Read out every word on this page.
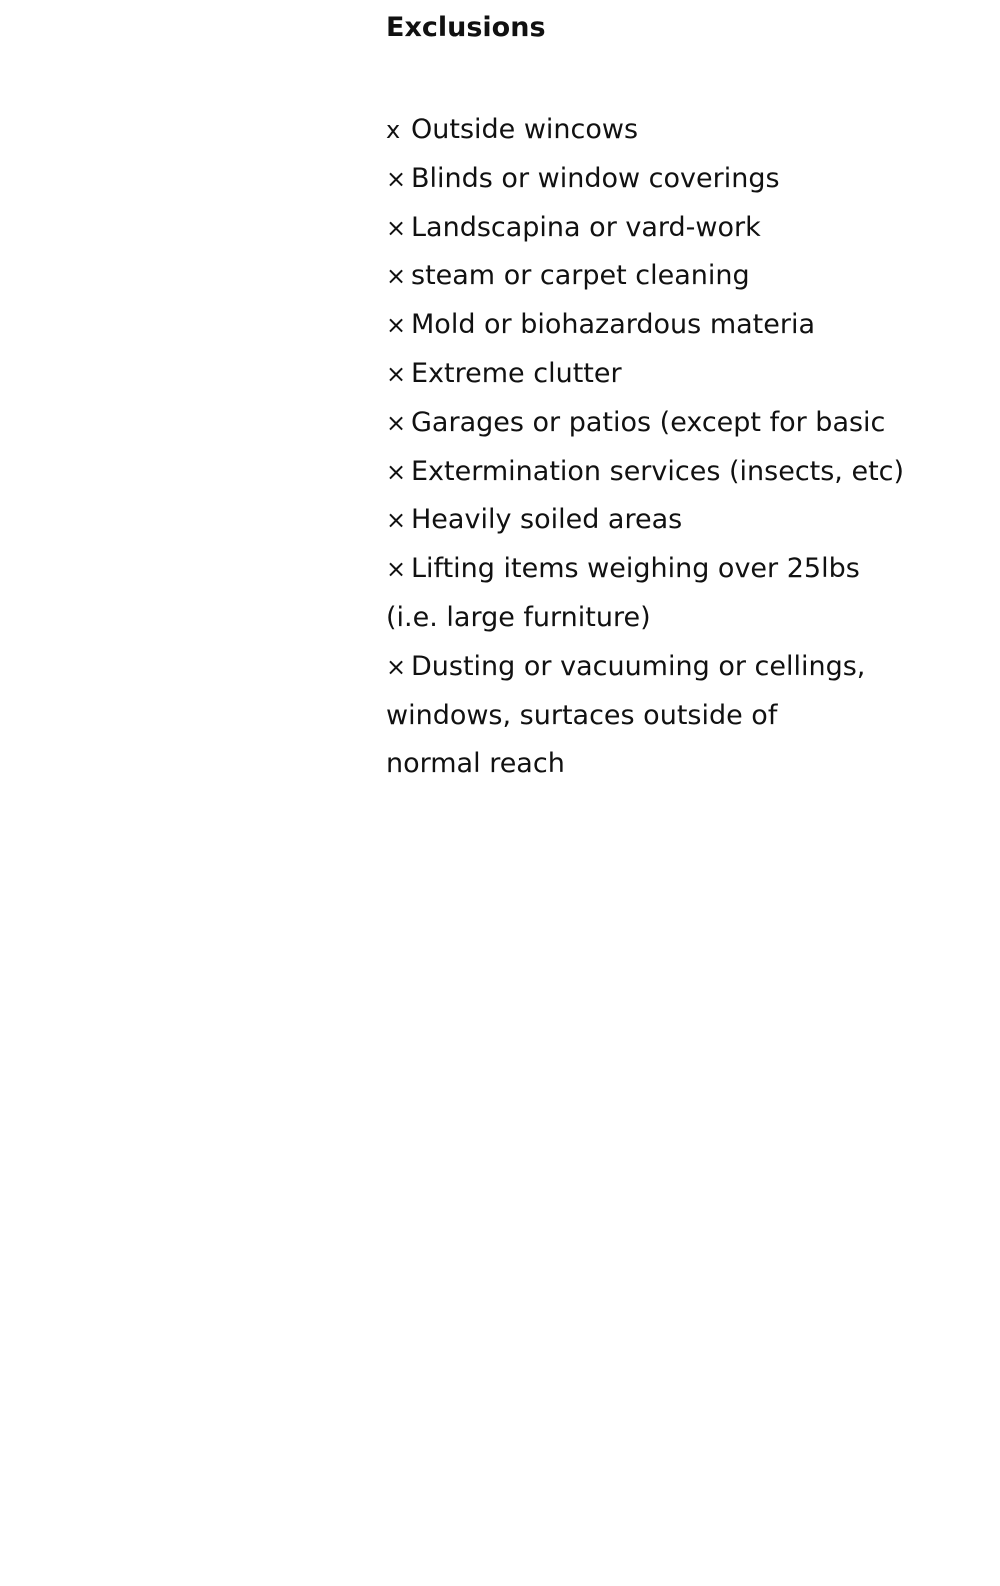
Exclusions
x Outside wincows
× Blinds or window coverings
× Landscapina or vard-work
× steam or carpet cleaning
× Mold or biohazardous materia
× Extreme clutter
× Garages or patios (except for basic
× Extermination services (insects, etc)
× Heavily soiled areas
× Lifting items weighing over 25lbs
(i.e. large furniture)
× Dusting or vacuuming or cellings,
windows, surtaces outside of
normal reach
